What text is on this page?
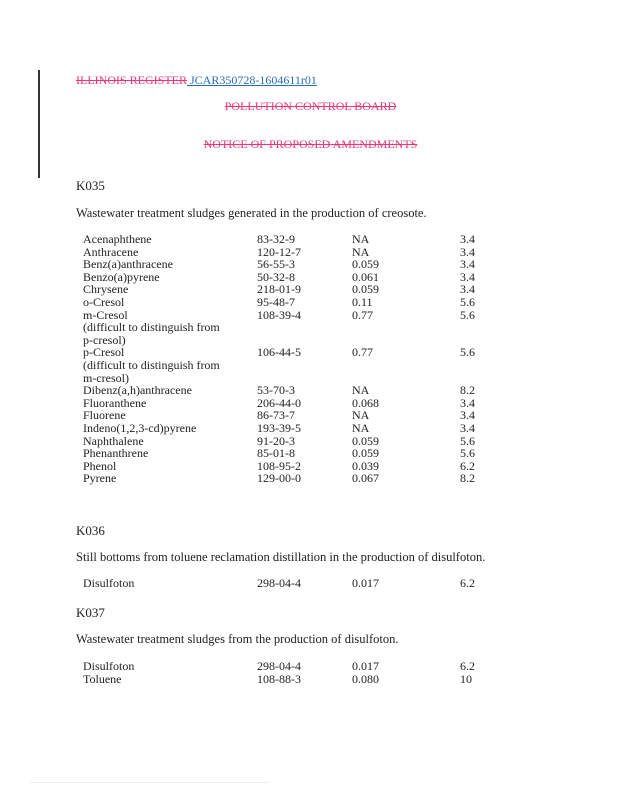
ILLINOIS REGISTER JCAR350728-1604611r01
POLLUTION CONTROL BOARD
NOTICE OF PROPOSED AMENDMENTS
K035
Wastewater treatment sludges generated in the production of creosote.
Acenaphthene	83-32-9	NA	3.4
Anthracene	120-12-7	NA	3.4
Benz(a)anthracene	56-55-3	0.059	3.4
Benzo(a)pyrene	50-32-8	0.061	3.4
Chrysene	218-01-9	0.059	3.4
o-Cresol	95-48-7	0.11	5.6
m-Cresol	108-39-4	0.77	5.6
(difficult to distinguish from
p-cresol)
p-Cresol	106-44-5	0.77	5.6
(difficult to distinguish from
m-cresol)
Dibenz(a,h)anthracene	53-70-3	NA	8.2
Fluoranthene	206-44-0	0.068	3.4
Fluorene	86-73-7	NA	3.4
Indeno(1,2,3-cd)pyrene	193-39-5	NA	3.4
Naphthalene	91-20-3	0.059	5.6
Phenanthrene	85-01-8	0.059	5.6
Phenol	108-95-2	0.039	6.2
Pyrene	129-00-0	0.067	8.2
K036
Still bottoms from toluene reclamation distillation in the production of disulfoton.
Disulfoton	298-04-4	0.017	6.2
K037
Wastewater treatment sludges from the production of disulfoton.
Disulfoton	298-04-4	0.017	6.2
Toluene	108-88-3	0.080	10
